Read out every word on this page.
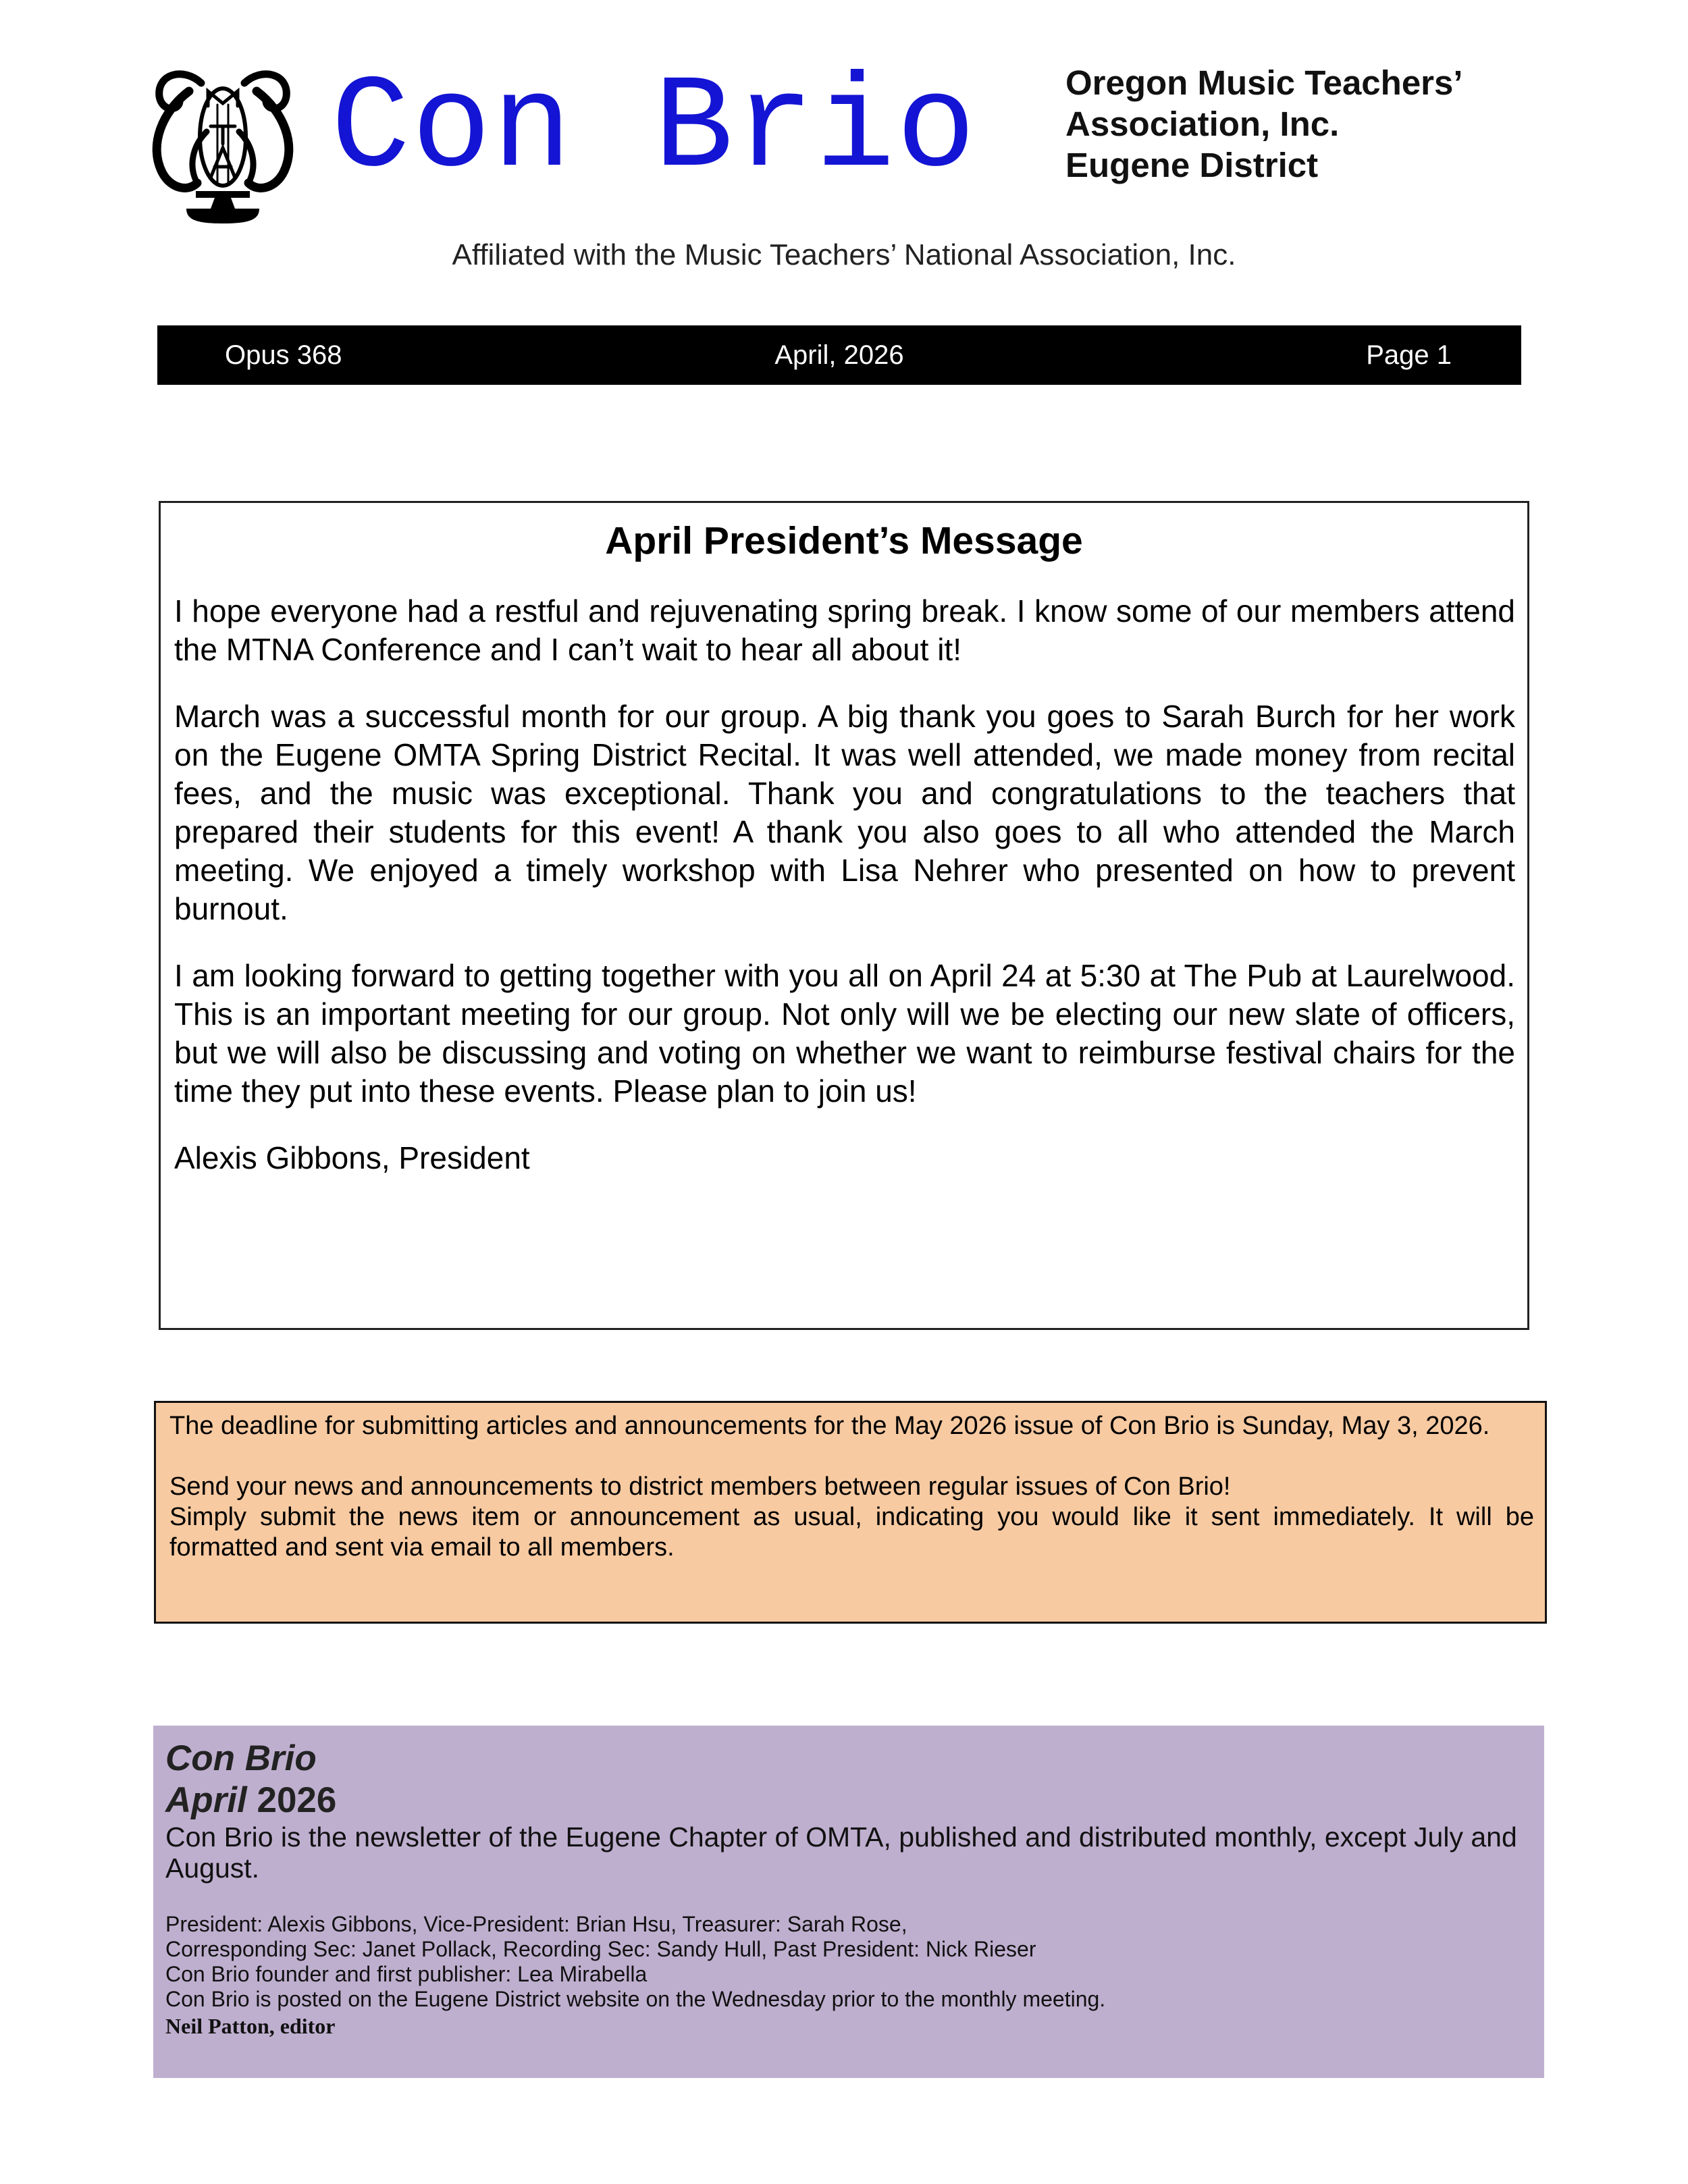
Con Brio	Oregon Music Teachers’
Association, Inc.
Eugene District
Affiliated with the Music Teachers’ National Association, Inc.
Opus 368	April, 2026	Page 1
April President’s Message

I hope everyone had a restful and rejuvenating spring break. I know some of our members attend the MTNA Conference and I can’t wait to hear all about it!

March was a successful month for our group. A big thank you goes to Sarah Burch for her work on the Eugene OMTA Spring District Recital. It was well attended, we made money from recital fees, and the music was exceptional. Thank you and congratulations to the teachers that prepared their students for this event! A thank you also goes to all who attended the March meeting. We enjoyed a timely workshop with Lisa Nehrer who presented on how to prevent burnout.

I am looking forward to getting together with you all on April 24 at 5:30 at The Pub at Laurelwood. This is an important meeting for our group. Not only will we be electing our new slate of officers, but we will also be discussing and voting on whether we want to reimburse festival chairs for the time they put into these events. Please plan to join us!

Alexis Gibbons, President

The deadline for submitting articles and announcements for the May 2026 issue of Con Brio is Sunday, May 3, 2026.

Send your news and announcements to district members between regular issues of Con Brio!

Simply submit the news item or announcement as usual, indicating you would like it sent immediately. It will be formatted and sent via email to all members.

Con Brio
April 2026

Con Brio is the newsletter of the Eugene Chapter of OMTA, published and distributed monthly, except July and August.

President: Alexis Gibbons, Vice-President: Brian Hsu, Treasurer: Sarah Rose,
Corresponding Sec: Janet Pollack, Recording Sec: Sandy Hull, Past President: Nick Rieser
Con Brio founder and first publisher: Lea Mirabella
Con Brio is posted on the Eugene District website on the Wednesday prior to the monthly meeting.
Neil Patton, editor
